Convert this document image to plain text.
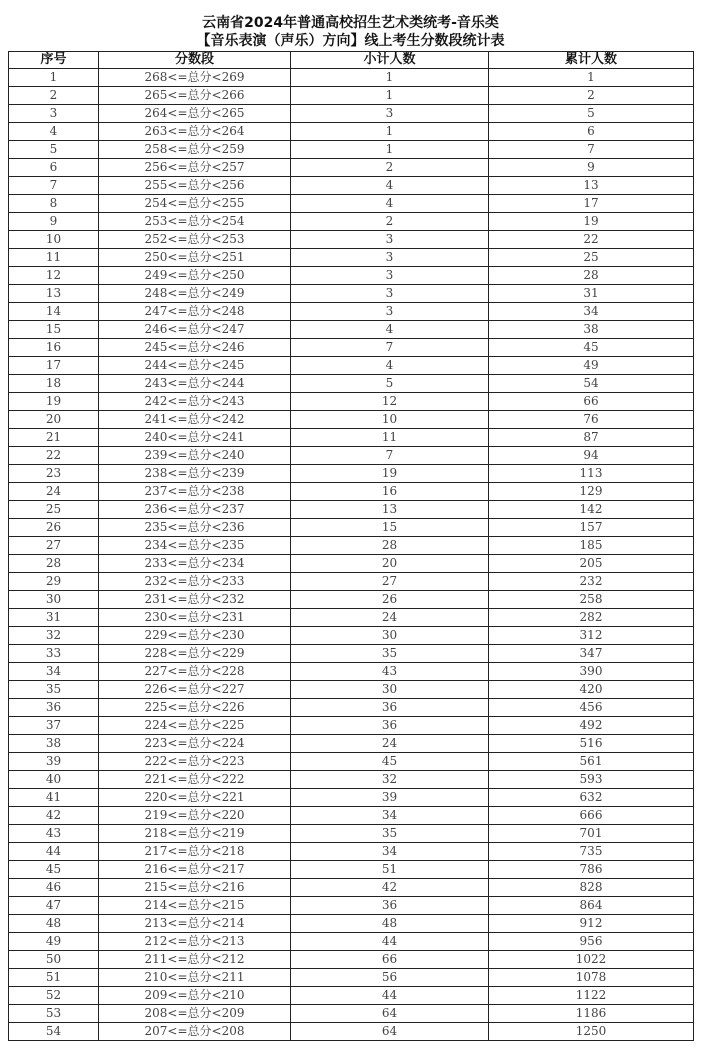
云南省2024年普通高校招生艺术类统考-音乐类
【音乐表演（声乐）方向】线上考生分数段统计表
序号	分数段	小计人数	累计人数
1	268<=总分<269	1	1
2	265<=总分<266	1	2
3	264<=总分<265	3	5
4	263<=总分<264	1	6
5	258<=总分<259	1	7
6	256<=总分<257	2	9
7	255<=总分<256	4	13
8	254<=总分<255	4	17
9	253<=总分<254	2	19
10	252<=总分<253	3	22
11	250<=总分<251	3	25
12	249<=总分<250	3	28
13	248<=总分<249	3	31
14	247<=总分<248	3	34
15	246<=总分<247	4	38
16	245<=总分<246	7	45
17	244<=总分<245	4	49
18	243<=总分<244	5	54
19	242<=总分<243	12	66
20	241<=总分<242	10	76
21	240<=总分<241	11	87
22	239<=总分<240	7	94
23	238<=总分<239	19	113
24	237<=总分<238	16	129
25	236<=总分<237	13	142
26	235<=总分<236	15	157
27	234<=总分<235	28	185
28	233<=总分<234	20	205
29	232<=总分<233	27	232
30	231<=总分<232	26	258
31	230<=总分<231	24	282
32	229<=总分<230	30	312
33	228<=总分<229	35	347
34	227<=总分<228	43	390
35	226<=总分<227	30	420
36	225<=总分<226	36	456
37	224<=总分<225	36	492
38	223<=总分<224	24	516
39	222<=总分<223	45	561
40	221<=总分<222	32	593
41	220<=总分<221	39	632
42	219<=总分<220	34	666
43	218<=总分<219	35	701
44	217<=总分<218	34	735
45	216<=总分<217	51	786
46	215<=总分<216	42	828
47	214<=总分<215	36	864
48	213<=总分<214	48	912
49	212<=总分<213	44	956
50	211<=总分<212	66	1022
51	210<=总分<211	56	1078
52	209<=总分<210	44	1122
53	208<=总分<209	64	1186
54	207<=总分<208	64	1250
